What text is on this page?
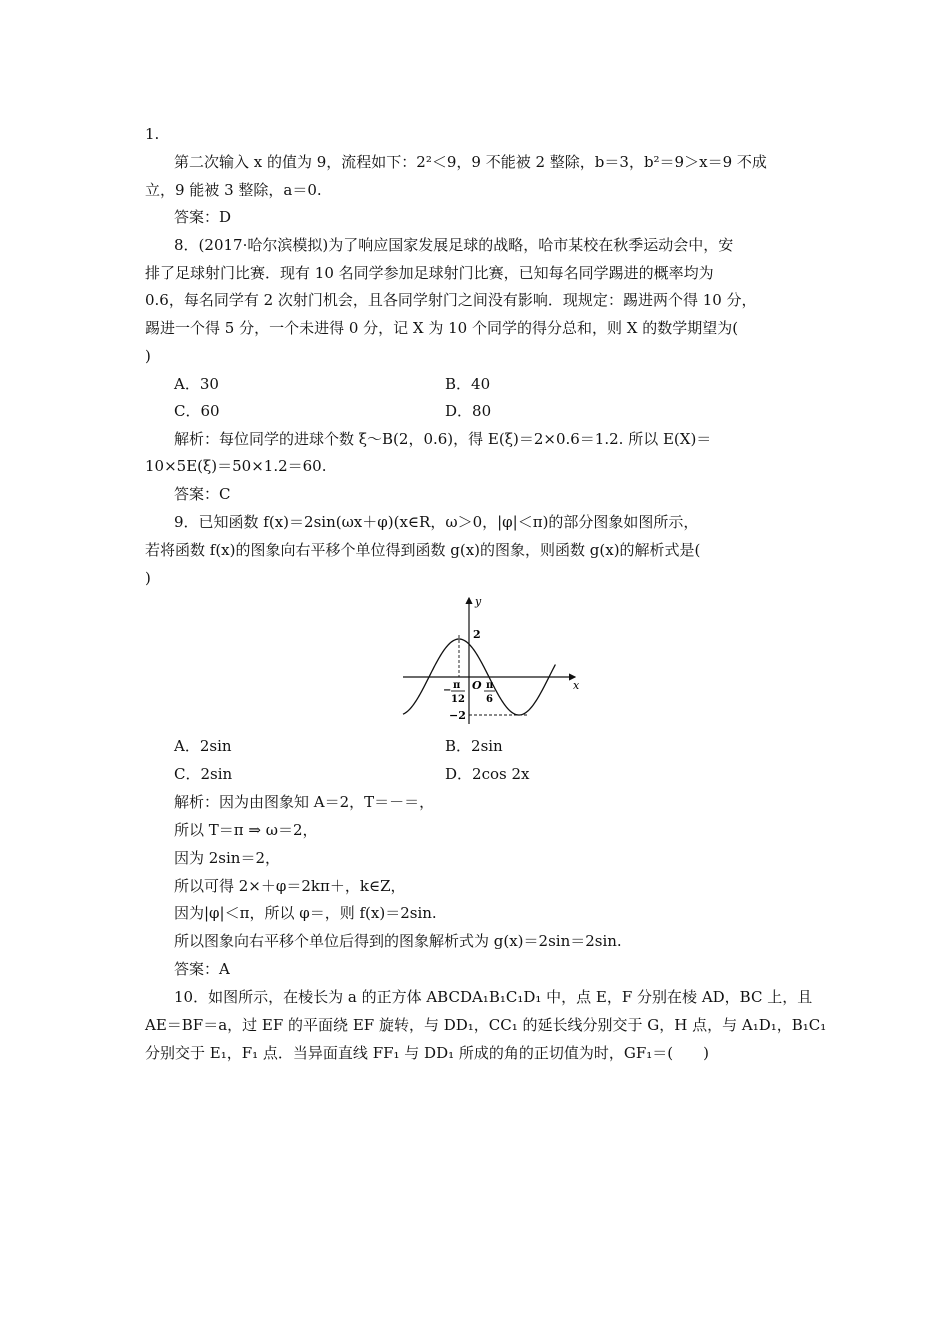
1.
第二次输入 x 的值为 9，流程如下：2²＜9，9 不能被 2 整除，b＝3，b²＝9＞x＝9 不成
立，9 能被 3 整除，a＝0.
答案：D
8．(2017·哈尔滨模拟)为了响应国家发展足球的战略，哈市某校在秋季运动会中，安
排了足球射门比赛．现有 10 名同学参加足球射门比赛，已知每名同学踢进的概率均为
0.6，每名同学有 2 次射门机会，且各同学射门之间没有影响．现规定：踢进两个得 10 分，
踢进一个得 5 分，一个未进得 0 分，记 X 为 10 个同学的得分总和，则 X 的数学期望为(
)
A．30	B．40
C．60	D．80
解析：每位同学的进球个数 ξ～B(2，0.6)，得 E(ξ)＝2×0.6＝1.2. 所以 E(X)＝
10×5E(ξ)＝50×1.2＝60.
答案：C
9．已知函数 f(x)＝2sin(ωx＋φ)(x∈R，ω＞0，|φ|＜π)的部分图象如图所示，
若将函数 f(x)的图象向右平移个单位得到函数 g(x)的图象，则函数 g(x)的解析式是(
)
x
y
2
−2
O
− π
12
π
6
A．2sin	B．2sin
C．2sin	D．2cos 2x
解析：因为由图象知 A＝2，T＝－＝，
所以 T＝π ⇒ ω＝2，
因为 2sin＝2，
所以可得 2×＋φ＝2kπ＋，k∈Z，
因为|φ|＜π，所以 φ＝，则 f(x)＝2sin.
所以图象向右平移个单位后得到的图象解析式为 g(x)＝2sin＝2sin.
答案：A
10．如图所示，在棱长为 a 的正方体 ABCDA₁B₁C₁D₁ 中，点 E，F 分别在棱 AD，BC 上，且
AE＝BF＝a，过 EF 的平面绕 EF 旋转，与 DD₁，CC₁ 的延长线分别交于 G，H 点，与 A₁D₁，B₁C₁
分别交于 E₁，F₁ 点．当异面直线 FF₁ 与 DD₁ 所成的角的正切值为时，GF₁＝(　　)
